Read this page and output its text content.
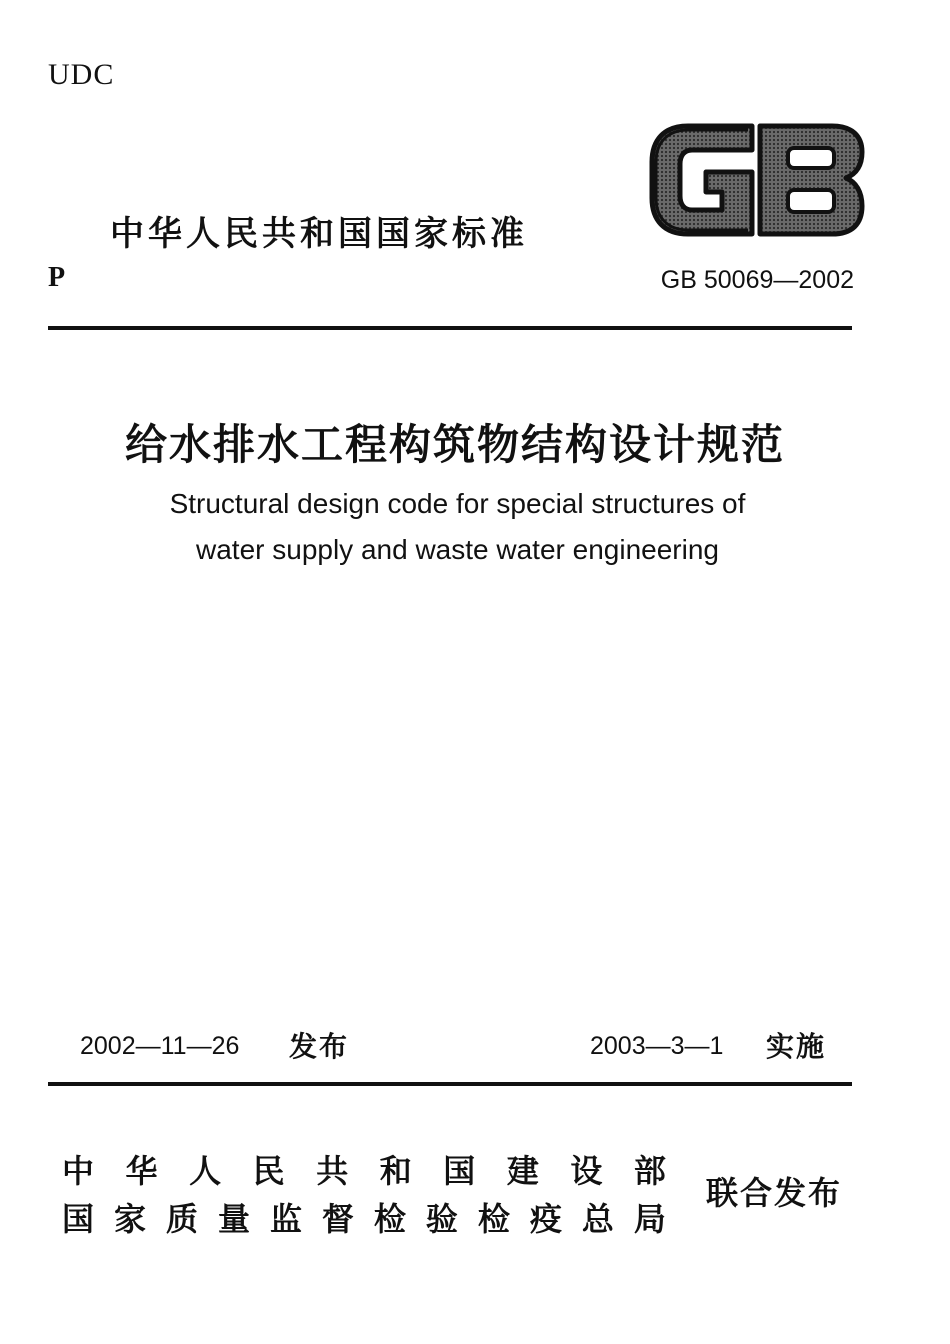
UDC
中华人民共和国国家标准
P	GB 50069—2002
给水排水工程构筑物结构设计规范
Structural design code for special structures of
water supply and waste water engineering
2002—11—26 发布	2003—3—1 实施
中 华 人 民 共 和 国 建 设 部
国 家 质 量 监 督 检 验 检 疫 总 局
联合发布
